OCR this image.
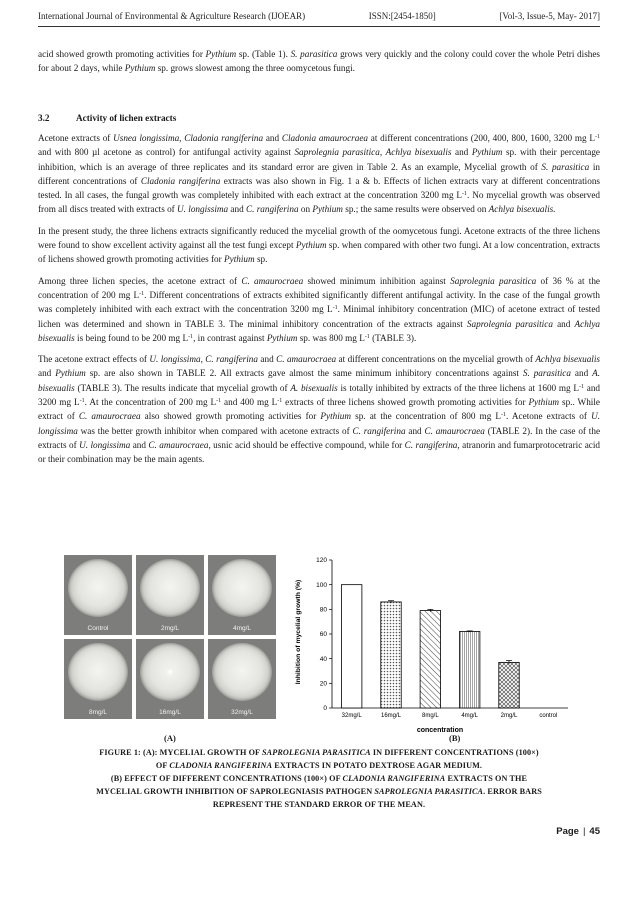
International Journal of Environmental & Agriculture Research (IJOEAR)	ISSN:[2454-1850]	[Vol-3, Issue-5, May- 2017]

acid showed growth promoting activities for Pythium sp. (Table 1). S. parasitica grows very quickly and the colony could cover the whole Petri dishes for about 2 days, while Pythium sp. grows slowest among the three oomycetous fungi.

3.2	Activity of lichen extracts

Acetone extracts of Usnea longissima, Cladonia rangiferina and Cladonia amaurocraea at different concentrations (200, 400, 800, 1600, 3200 mg $L^{-1}$ and with 800 µl acetone as control) for antifungal activity against Saprolegnia parasitica, Achlya bisexualis and Pythium sp. with their percentage inhibition, which is an average of three replicates and its standard error are given in Table 2. As an example, Mycelial growth of S. parasitica in different concentrations of Cladonia rangiferina extracts was also shown in Fig. 1 a & b. Effects of lichen extracts vary at different concentrations tested. In all cases, the fungal growth was completely inhibited with each extract at the concentration 3200 mg $L^{-1}$. No mycelial growth was observed from all discs treated with extracts of U. longissima and C. rangiferina on Pythium sp.; the same results were observed on Achlya bisexualis.

In the present study, the three lichens extracts significantly reduced the mycelial growth of the oomycetous fungi. Acetone extracts of the three lichens were found to show excellent activity against all the test fungi except Pythium sp. when compared with other two fungi. At a low concentration, extracts of lichens showed growth promoting activities for Pythium sp.

Among three lichen species, the acetone extract of C. amaurocraea showed minimum inhibition against Saprolegnia parasitica of 36 % at the concentration of 200 mg $L^{-1}$. Different concentrations of extracts exhibited significantly different antifungal activity. In the case of the fungal growth was completely inhibited with each extract with the concentration 3200 mg $L^{-1}$. Minimal inhibitory concentration (MIC) of acetone extract of tested lichen was determined and shown in TABLE 3. The minimal inhibitory concentration of the extracts against Saprolegnia parasitica and Achlya bisexualis is being found to be 200 mg $L^{-1}$, in contrast against Pythium sp. was 800 mg $L^{-1}$ (TABLE 3).

The acetone extract effects of U. longissima, C. rangiferina and C. amaurocraea at different concentrations on the mycelial growth of Achlya bisexualis and Pythium sp. are also shown in TABLE 2. All extracts gave almost the same minimum inhibitory concentrations against S. parasitica and A. bisexualis (TABLE 3). The results indicate that mycelial growth of A. bisexualis is totally inhibited by extracts of the three lichens at 1600 mg $L^{-1}$ and 3200 mg $L^{-1}$. At the concentration of 200 mg $L^{-1}$ and 400 mg $L^{-1}$ extracts of three lichens showed growth promoting activities for Pythium sp.. While extract of C. amaurocraea also showed growth promoting activities for Pythium sp. at the concentration of 800 mg $L^{-1}$. Acetone extracts of U. longissima was the better growth inhibitor when compared with acetone extracts of C. rangiferina and C. amaurocraea (TABLE 2). In the case of the extracts of U. longissima and C. amaurocraea, usnic acid should be effective compound, while for C. rangiferina, atranorin and fumarprotocetraric acid or their combination may be the main agents.

Control	2mg/L	4mg/L
8mg/L	16mg/L	32mg/L
(A)	(B)
0
20
40
60
80
100
120
32mg/L	16mg/L	8mg/L	4mg/L	2mg/L	control
Inhibition of mycelial growth (%)
concentration
FIGURE 1: (A): MYCELIAL GROWTH OF SAPROLEGNIA PARASITICA IN DIFFERENT CONCENTRATIONS (100×)
OF CLADONIA RANGIFERINA EXTRACTS IN POTATO DEXTROSE AGAR MEDIUM.
(B) EFFECT OF DIFFERENT CONCENTRATIONS (100×) OF CLADONIA RANGIFERINA EXTRACTS ON THE
MYCELIAL GROWTH INHIBITION OF SAPROLEGNIASIS PATHOGEN SAPROLEGNIA PARASITICA. ERROR BARS
REPRESENT THE STANDARD ERROR OF THE MEAN.
Page | 45
